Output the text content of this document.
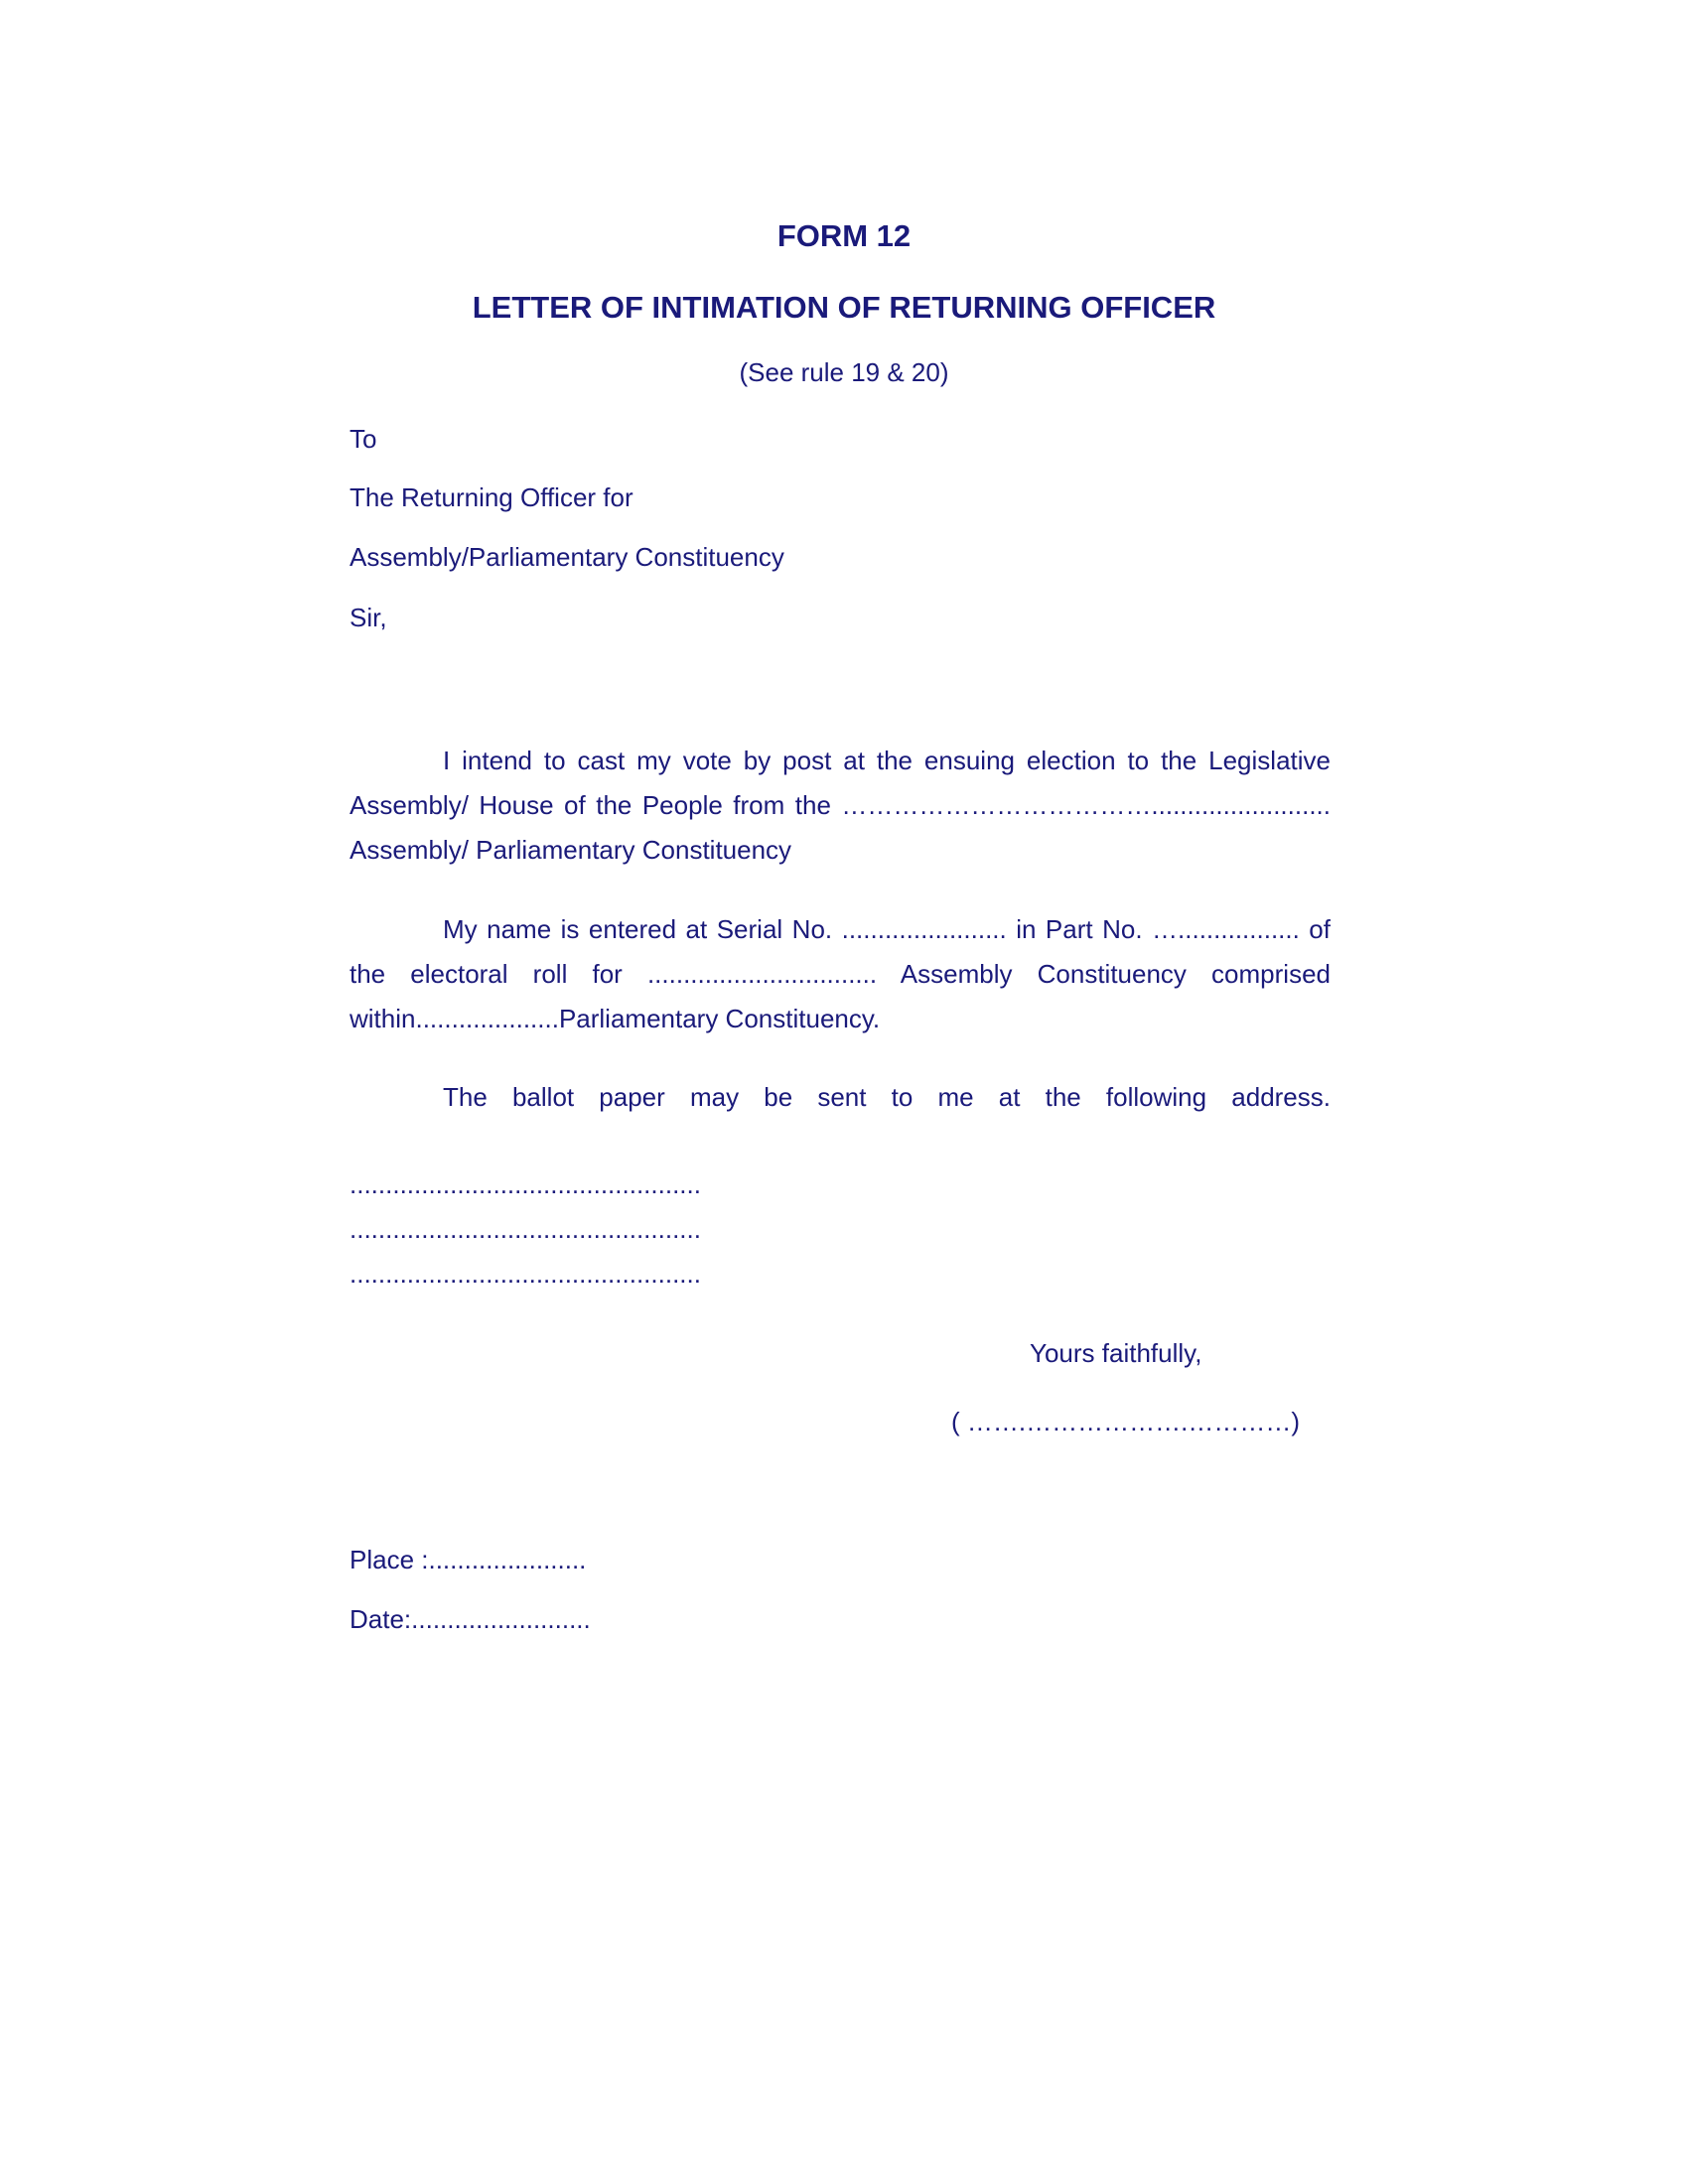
FORM 12
LETTER OF INTIMATION OF RETURNING OFFICER
(See rule 19 & 20)
To
The Returning Officer for
Assembly/Parliamentary Constituency
Sir,
I intend to cast my vote by post at the ensuing election to the Legislative
Assembly/ House of the People from the ……………………………….........................
Assembly/ Parliamentary Constituency
My name is entered at Serial No. ....................... in Part No. …................. of
the electoral roll for ................................ Assembly Constituency comprised
within....................Parliamentary Constituency.
The ballot paper may be sent to me at the following address.
.................................................
.................................................
.................................................
Yours faithfully,
( …….……………….…………)
Place :......................
Date:.........................
